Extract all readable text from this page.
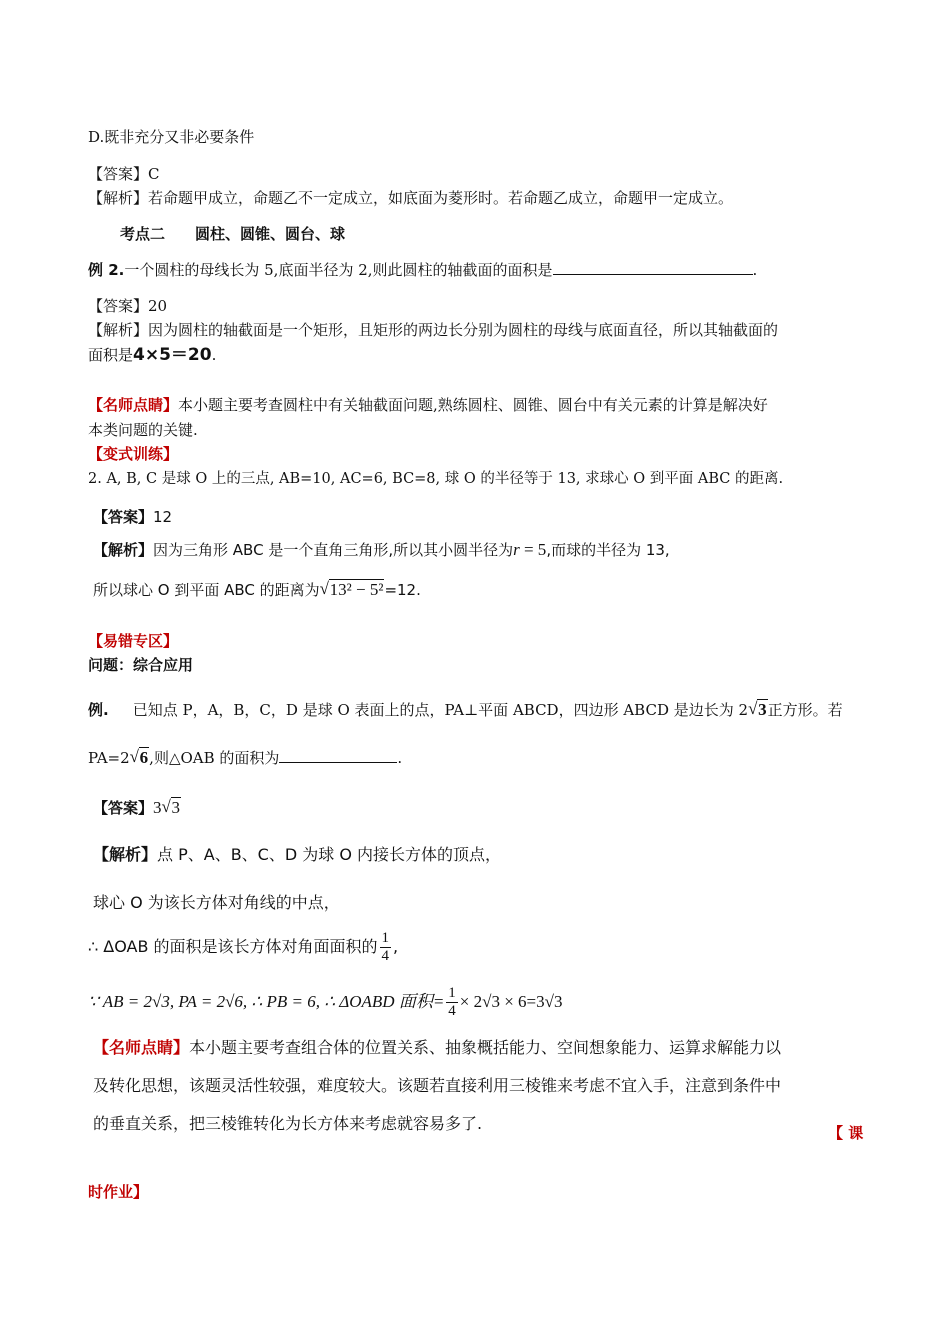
D.既非充分又非必要条件
【答案】C
【解析】若命题甲成立，命题乙不一定成立，如底面为菱形时。若命题乙成立，命题甲一定成立。
考点二　　圆柱、圆锥、圆台、球
例 2.一个圆柱的母线长为 5,底面半径为 2,则此圆柱的轴截面的面积是	.
【答案】20
【解析】因为圆柱的轴截面是一个矩形，且矩形的两边长分别为圆柱的母线与底面直径，所以其轴截面的
面积是4×5＝20.
【名师点睛】本小题主要考查圆柱中有关轴截面问题,熟练圆柱、圆锥、圆台中有关元素的计算是解决好
本类问题的关键.
【变式训练】
2. A, B, C 是球 O 上的三点, AB=10, AC=6, BC=8, 球 O 的半径等于 13, 求球心 O 到平面 ABC 的距离.
【答案】12
【解析】因为三角形 ABC 是一个直角三角形,所以其小圆半径为r = 5,而球的半径为 13,
所以球心 O 到平面 ABC 的距离为 √ 13² − 5²=12.
【易错专区】
问题：综合应用
例. 已知点 P，A，B，C，D 是球 O 表面上的点，PA⊥平面 ABCD，四边形 ABCD 是边长为 2 √ 3正方形。若
PA=2 √ 6,则△OAB 的面积为	.
【答案】3 √ 3
【解析】点 P、A、B、C、D 为球 O 内接长方体的顶点，
球心 O 为该长方体对角线的中点，
∴ ΔOAB 的面积是该长方体对角面面积的 $\frac{1}{4}$ ,
∵ AB = 2√3, PA = 2√6, ∴ PB = 6, ∴ ΔOABD 面积= $\frac{1}{4} \times 2√3 \times 6=3√3$
【名师点睛】本小题主要考查组合体的位置关系、抽象概括能力、空间想象能力、运算求解能力以
及转化思想，该题灵活性较强，难度较大。该题若直接利用三棱锥来考虑不宜入手，注意到条件中
的垂直关系，把三棱锥转化为长方体来考虑就容易多了.	【 课
时作业】
